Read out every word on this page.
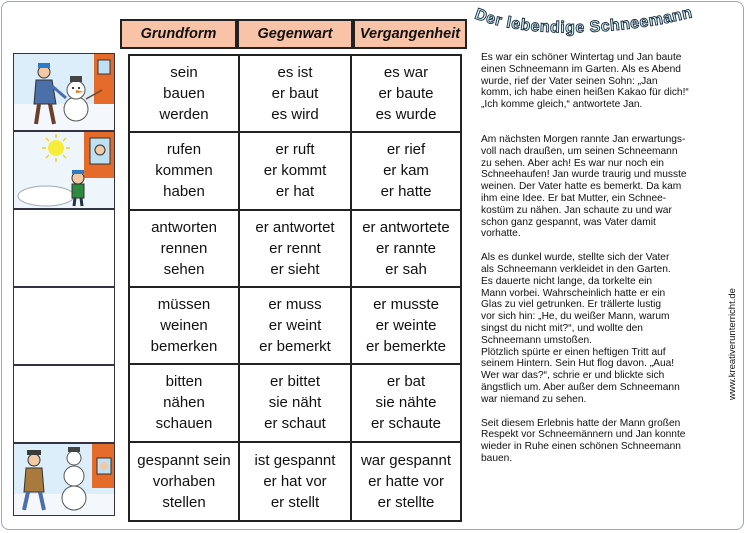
Grundform	Gegenwart	Vergangenheit
sein
bauen
werden
es ist
er baut
es wird
es war
er baute
es wurde
rufen
kommen
haben
er ruft
er kommt
er hat
er rief
er kam
er hatte
antworten
rennen
sehen
er antwortet
er rennt
er sieht
er antwortete
er rannte
er sah
müssen
weinen
bemerken
er muss
er weint
er bemerkt
er musste
er weinte
er bemerkte
bitten
nähen
schauen
er bittet
sie näht
er schaut
er bat
sie nähte
er schaute
gespannt sein
vorhaben
stellen
ist gespannt
er hat vor
er stellt
war gespannt
er hatte vor
er stellte
Der lebendige Schneemann

Es war ein schöner Wintertag und Jan baute
einen Schneemann im Garten. Als es Abend
wurde, rief der Vater seinen Sohn: „Jan
komm, ich habe einen heißen Kakao für dich!“
„Ich komme gleich,“ antwortete Jan.

Am nächsten Morgen rannte Jan erwartungs-
voll nach draußen, um seinen Schneemann
zu sehen. Aber ach! Es war nur noch ein
Schneehaufen! Jan wurde traurig und musste
weinen. Der Vater hatte es bemerkt. Da kam
ihm eine Idee. Er bat Mutter, ein Schnee-
kostüm zu nähen. Jan schaute zu und war
schon ganz gespannt, was Vater damit
vorhatte.

Als es dunkel wurde, stellte sich der Vater
als Schneemann verkleidet in den Garten.
Es dauerte nicht lange, da torkelte ein
Mann vorbei. Wahrscheinlich hatte er ein
Glas zu viel getrunken. Er trällerte lustig
vor sich hin: „He, du weißer Mann, warum
singst du nicht mit?“, und wollte den
Schneemann umstoßen.
Plötzlich spürte er einen heftigen Tritt auf
seinem Hintern. Sein Hut flog davon. „Aua!
Wer war das?“, schrie er und blickte sich
ängstlich um. Aber außer dem Schneemann
war niemand zu sehen.

Seit diesem Erlebnis hatte der Mann großen
Respekt vor Schneemännern und Jan konnte
wieder in Ruhe einen schönen Schneemann
bauen.

www.kreativerunterricht.de
